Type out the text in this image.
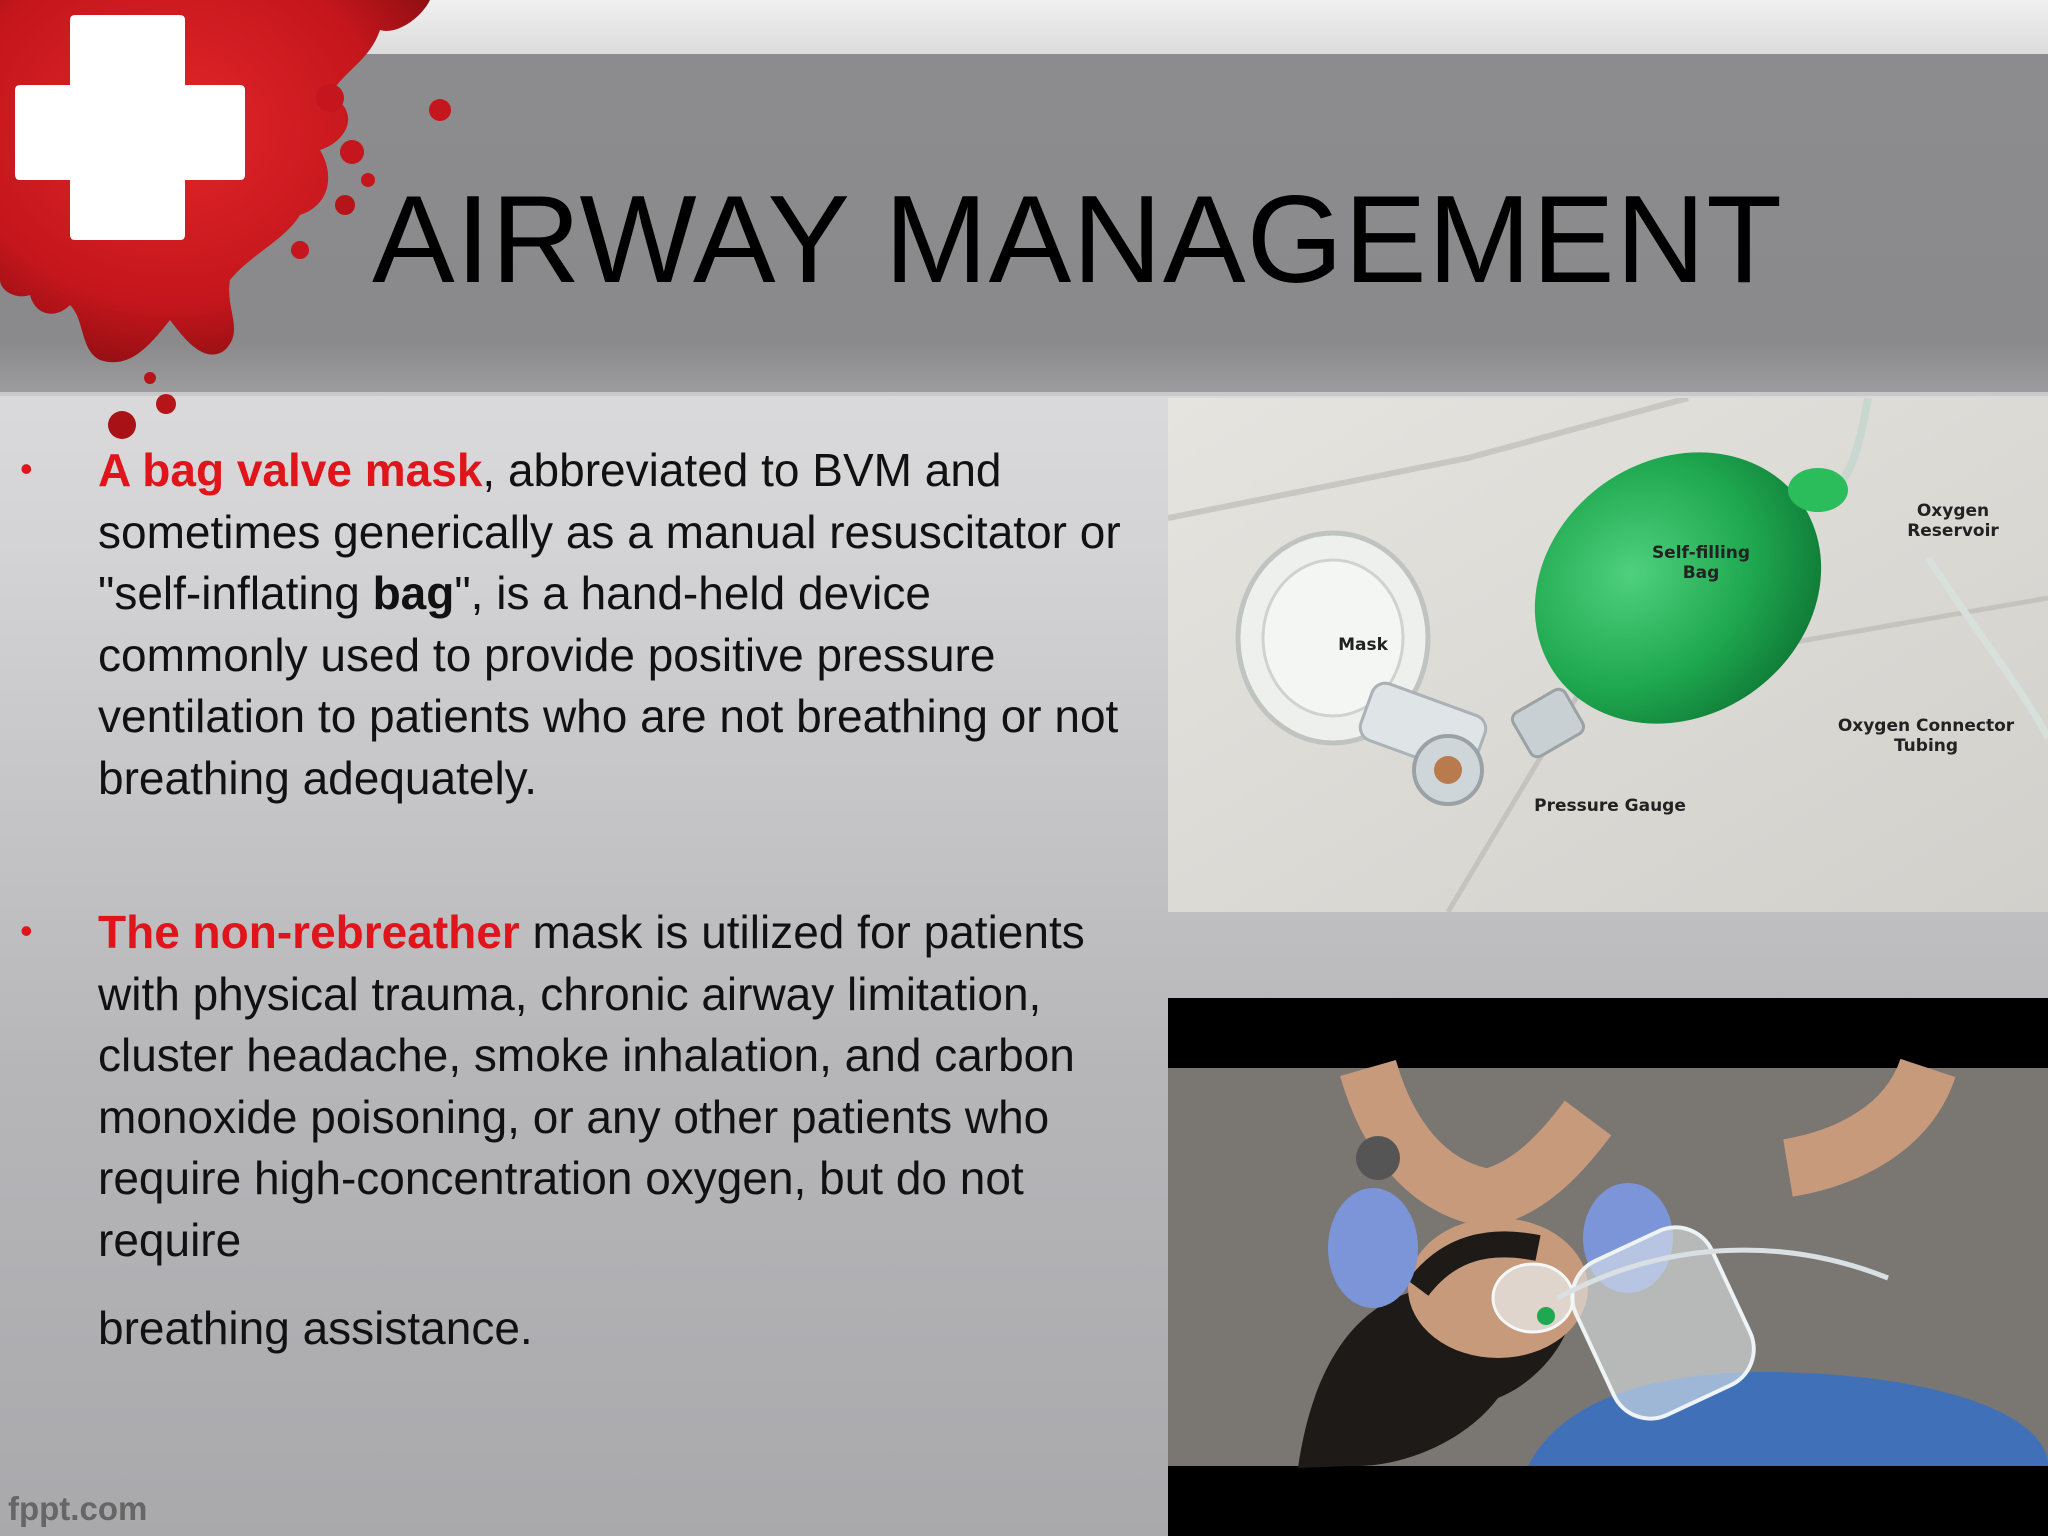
AIRWAY MANAGEMENT
• A bag valve mask, abbreviated to BVM and sometimes generically as a manual resuscitator or "self-inflating bag", is a hand-held device commonly used to provide positive pressure ventilation to patients who are not breathing or not breathing adequately.
• The non-rebreather mask is utilized for patients with physical trauma, chronic airway limitation, cluster headache, smoke inhalation, and carbon monoxide poisoning, or any other patients who require high-concentration oxygen, but do not require
breathing assistance.
Oxygen
Reservoir
Self-filling
Bag
Mask
Oxygen Connector
Tubing
Pressure Gauge
fppt.com
